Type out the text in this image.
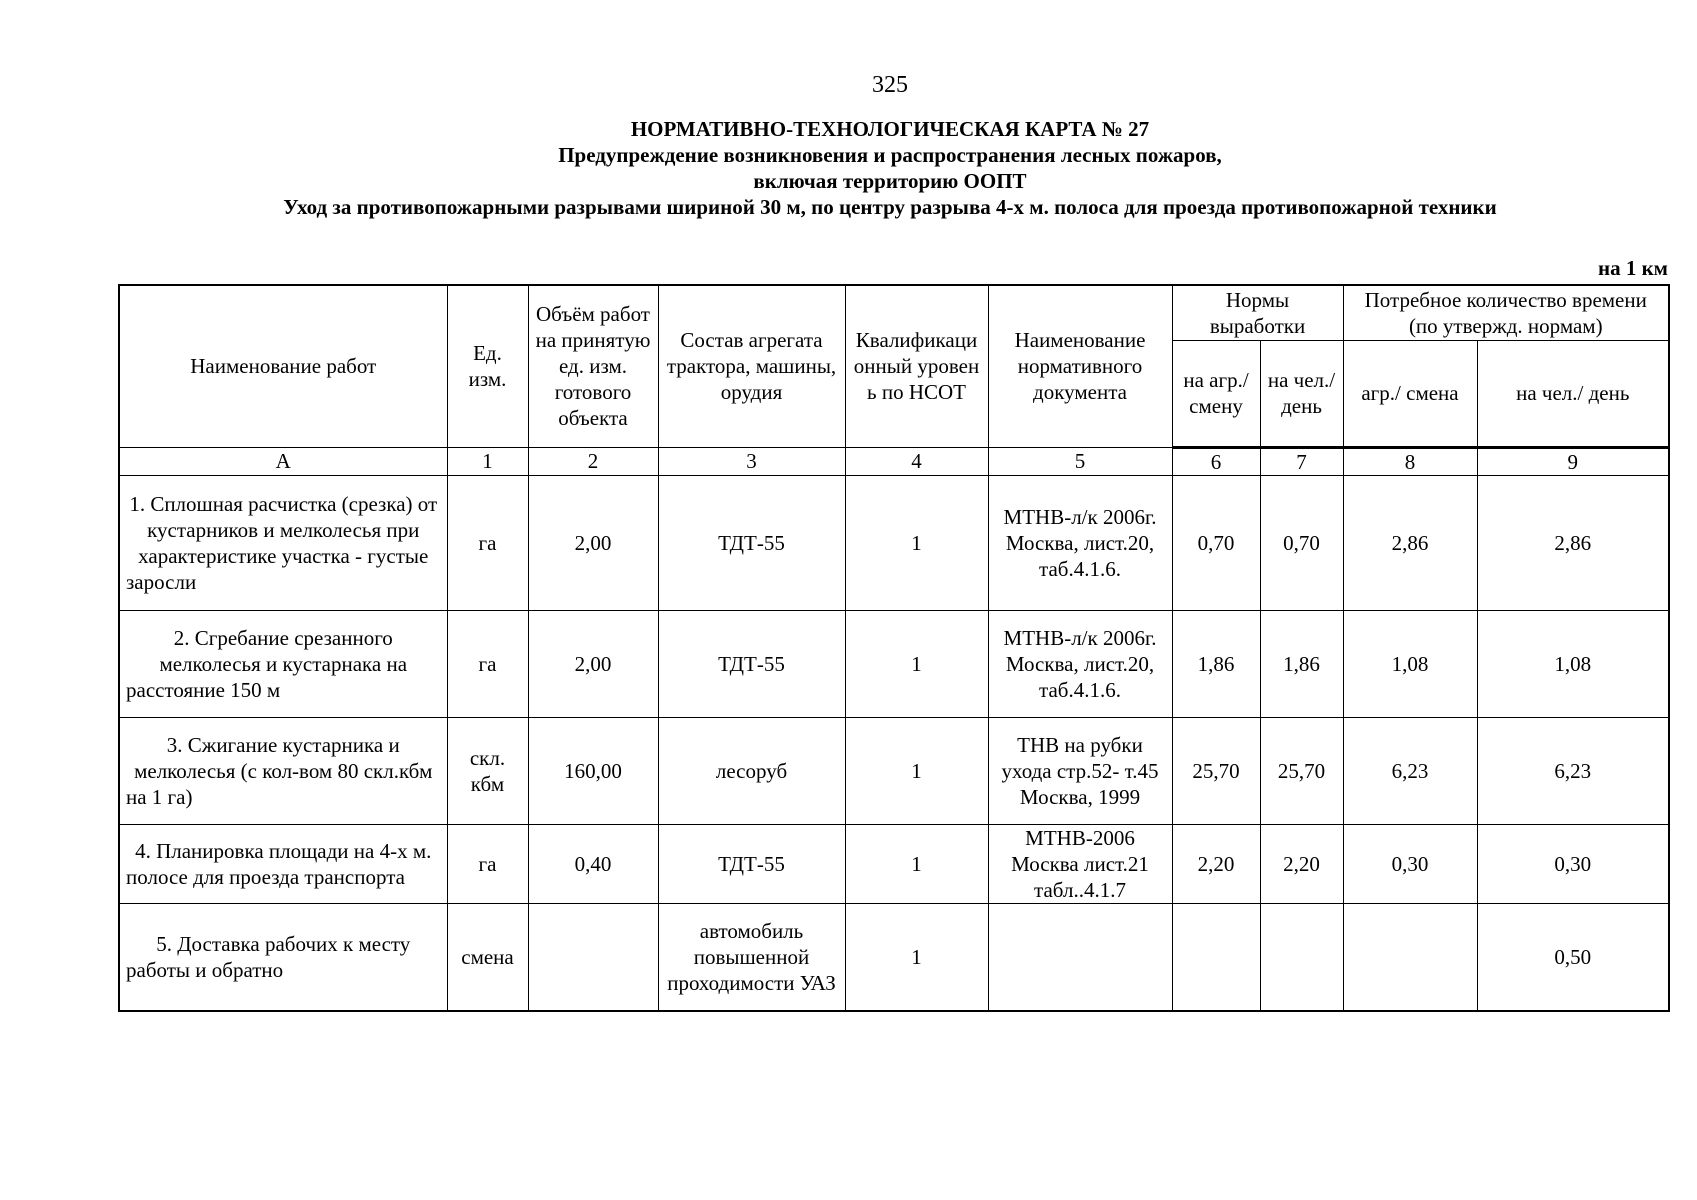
325
НОРМАТИВНО-ТЕХНОЛОГИЧЕСКАЯ КАРТА № 27
Предупреждение возникновения и распространения лесных пожаров,
включая территорию ООПТ
Уход за противопожарными разрывами шириной 30 м, по центру разрыва 4-х м. полоса для проезда противопожарной техники
на 1 км
Наименование работ	Ед. изм.	Объём работ на принятую ед. изм. готового объекта	Состав агрегата трактора, машины, орудия	Квалификационный уровень по НСОТ	Наименование нормативного документа	Нормы выработки		Потребное количество времени (по утвержд. нормам)	
						на агр./ смену	на чел./ день	агр./ смена	на чел./ день
А	1	2	3	4	5	6	7	8	9
1. Сплошная расчистка (срезка) от кустарников и мелколесья при характеристике участка - густые заросли	га	2,00	ТДТ-55	1	МТНВ-л/к 2006г. Москва, лист.20, таб.4.1.6.	0,70	0,70	2,86	2,86
2. Сгребание срезанного мелколесья и кустарнака на расстояние 150 м	га	2,00	ТДТ-55	1	МТНВ-л/к 2006г. Москва, лист.20, таб.4.1.6.	1,86	1,86	1,08	1,08
3. Сжигание кустарника и мелколесья (с кол-вом 80 скл.кбм на 1 га)	скл. кбм	160,00	лесоруб	1	ТНВ на рубки ухода стр.52- т.45 Москва, 1999	25,70	25,70	6,23	6,23
4. Планировка площади на 4-х м. полосе для проезда транспорта	га	0,40	ТДТ-55	1	МТНВ-2006 Москва лист.21 табл..4.1.7	2,20	2,20	0,30	0,30
5. Доставка рабочих к месту работы и обратно	смена		автомобиль повышенной проходимости УАЗ	1					0,50
